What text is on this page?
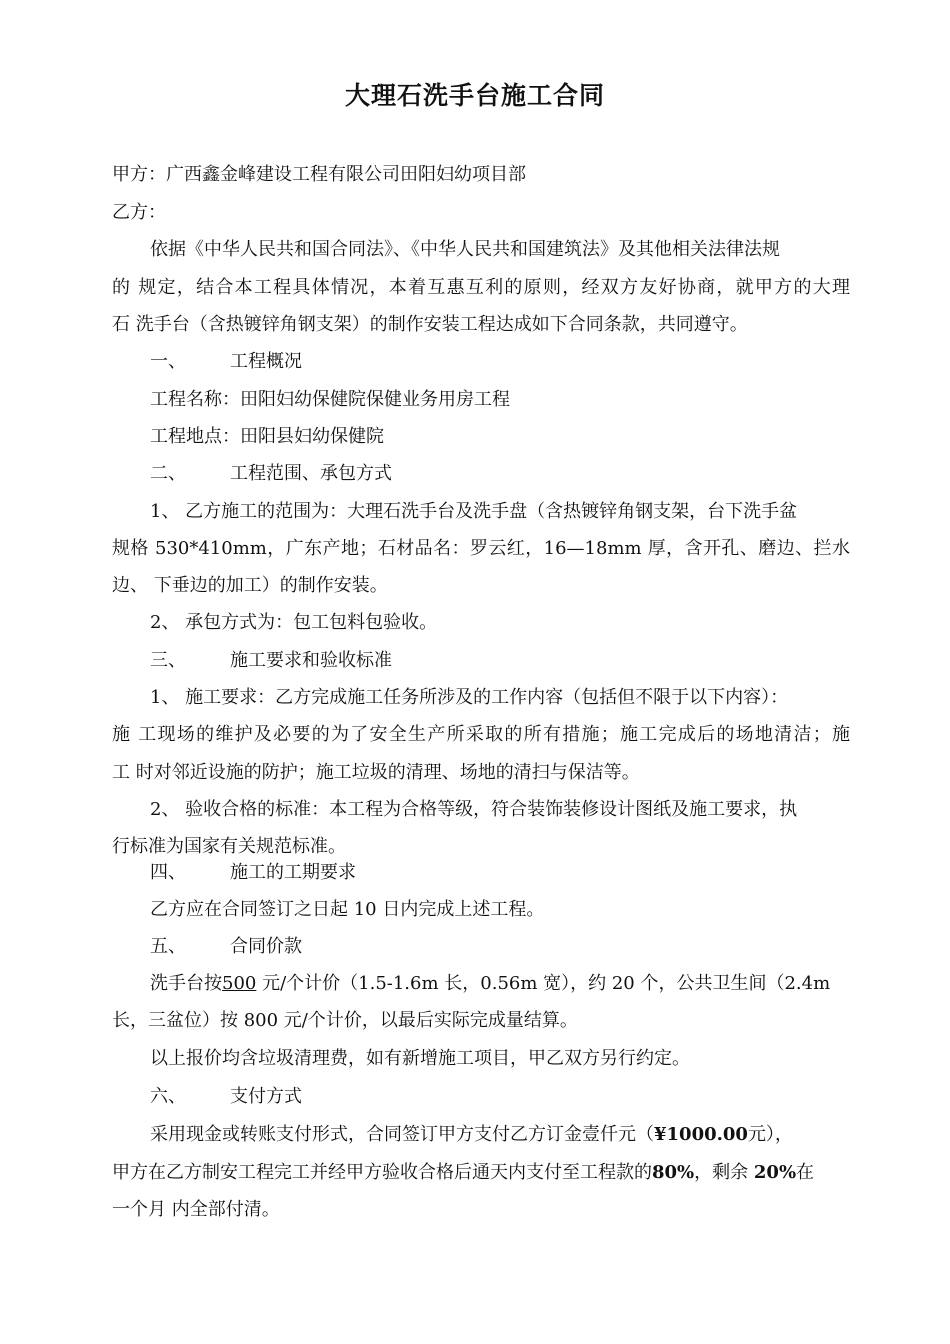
大理石洗手台施工合同
甲方：广西鑫金峰建设工程有限公司田阳妇幼项目部
乙方：
依据《中华人民共和国合同法》、《中华人民共和国建筑法》及其他相关法律法规
的 规定，结合本工程具体情况，本着互惠互利的原则，经双方友好协商，就甲方的大理
石 洗手台（含热镀锌角钢支架）的制作安装工程达成如下合同条款，共同遵守。
一、 工程概况
工程名称：田阳妇幼保健院保健业务用房工程
工程地点：田阳县妇幼保健院
二、 工程范围、承包方式
1、 乙方施工的范围为：大理石洗手台及洗手盘（含热镀锌角钢支架，台下洗手盆
规格 530*410mm，广东产地；石材品名：罗云红，16—18mm 厚，含开孔、磨边、拦水
边、 下垂边的加工）的制作安装。
2、 承包方式为：包工包料包验收。
三、 施工要求和验收标准
1、 施工要求：乙方完成施工任务所涉及的工作内容（包括但不限于以下内容）：
施 工现场的维护及必要的为了安全生产所采取的所有措施；施工完成后的场地清洁；施
工 时对邻近设施的防护；施工垃圾的清理、场地的清扫与保洁等。
2、 验收合格的标准：本工程为合格等级，符合装饰装修设计图纸及施工要求，执
行标准为国家有关规范标准。
四、 施工的工期要求
乙方应在合同签订之日起 10 日内完成上述工程。
五、 合同价款
洗手台按500 元/个计价（1.5-1.6m 长，0.56m 宽），约 20 个，公共卫生间（2.4m
长，三盆位）按 800 元/个计价，以最后实际完成量结算。
以上报价均含垃圾清理费，如有新增施工项目，甲乙双方另行约定。
六、 支付方式
采用现金或转账支付形式，合同签订甲方支付乙方订金壹仟元（¥1000.00元），
甲方在乙方制安工程完工并经甲方验收合格后通天内支付至工程款的80%，剩余 20%在
一个月 内全部付清。
